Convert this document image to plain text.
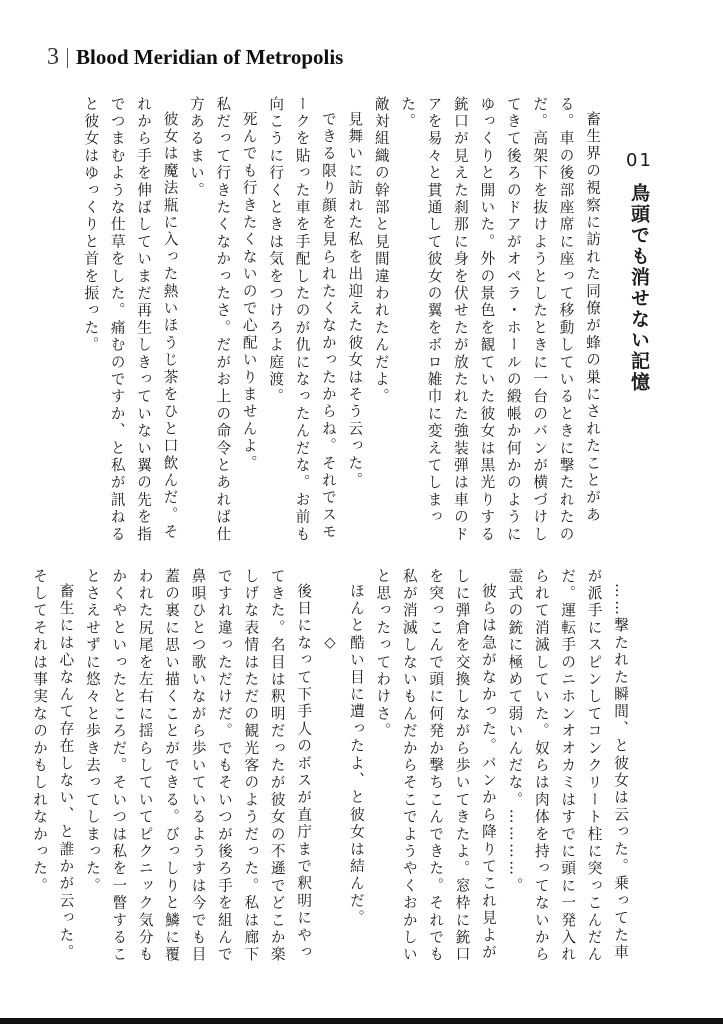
3 Blood Meridian of Metropolis
01
鳥頭でも消せない記憶

畜生界の視察に訪れた同僚が蜂の巣にされたことがある。車の後部座席に座って移動しているときに撃たれたのだ。高架下を抜けようとしたときに一台のバンが横づけしてきて後ろのドアがオペラ・ホールの緞帳か何かのようにゆっくりと開いた。外の景色を観ていた彼女は黒光りする銃口が見えた刹那に身を伏せたが放たれた強装弾は車のドアを易々と貫通して彼女の翼をボロ雑巾に変えてしまった。

敵対組織の幹部と見間違われたんだよ。

見舞いに訪れた私を出迎えた彼女はそう云った。

できる限り顔を見られたくなかったからね。それでスモークを貼った車を手配したのが仇になったんだな。お前も向こうに行くときは気をつけろよ庭渡。

死んでも行きたくないので心配いりませんよ。

私だって行きたくなかったさ。だがお上の命令とあれば仕方あるまい。

彼女は魔法瓶に入った熱いほうじ茶をひと口飲んだ。それから手を伸ばしていまだ再生しきっていない翼の先を指でつまむような仕草をした。痛むのですか、と私が訊ねると彼女はゆっくりと首を振った。

……撃たれた瞬間、と彼女は云った。乗ってた車が派手にスピンしてコンクリート柱に突っこんだんだ。運転手のニホンオオカミはすでに頭に一発入れられて消滅していた。奴らは肉体を持ってないから霊式の銃に極めて弱いんだな。…………。

彼らは急がなかった。バンから降りてこれ見よがしに弾倉を交換しながら歩いてきたよ。窓枠に銃口を突っこんで頭に何発か撃ちこんできた。それでも私が消滅しないもんだからそこでようやくおかしいと思ったってわけさ。

ほんと酷い目に遭ったよ、と彼女は結んだ。

◇

後日になって下手人のボスが直庁まで釈明にやってきた。名目は釈明だったが彼女の不遜でどこか楽しげな表情はただの観光客のようだった。私は廊下ですれ違っただけだ。でもそいつが後ろ手を組んで鼻唄ひとつ歌いながら歩いているようすは今でも目蓋の裏に思い描くことができる。びっしりと鱗に覆われた尻尾を左右に揺らしていてピクニック気分もかくやといったところだ。そいつは私を一瞥することさえせずに悠々と歩き去ってしまった。

畜生には心なんて存在しない、と誰かが云った。そしてそれは事実なのかもしれなかった。
